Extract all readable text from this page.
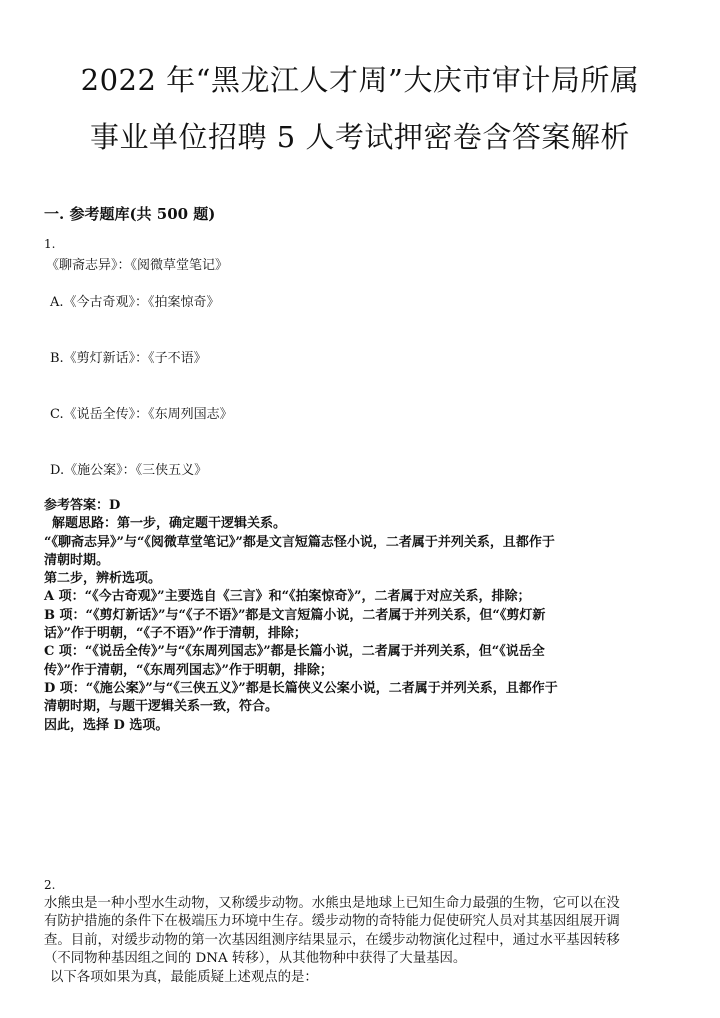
2022 年“黑龙江人才周”大庆市审计局所属
事业单位招聘 5 人考试押密卷含答案解析
一. 参考题库(共 500 题)
1.
《聊斋志异》：《阅微草堂笔记》
A.《今古奇观》：《拍案惊奇》
B.《剪灯新话》：《子不语》
C.《说岳全传》：《东周列国志》
D.《施公案》：《三侠五义》
参考答案：D
解题思路：第一步，确定题干逻辑关系。
“《聊斋志异》”与“《阅微草堂笔记》”都是文言短篇志怪小说，二者属于并列关系，且都作于
清朝时期。
第二步，辨析选项。
A 项：“《今古奇观》”主要选自《三言》和“《拍案惊奇》”，二者属于对应关系，排除；
B 项：“《剪灯新话》”与“《子不语》”都是文言短篇小说，二者属于并列关系，但“《剪灯新
话》”作于明朝，“《子不语》”作于清朝，排除；
C 项：“《说岳全传》”与“《东周列国志》”都是长篇小说，二者属于并列关系，但“《说岳全
传》”作于清朝，“《东周列国志》”作于明朝，排除；
D 项：“《施公案》”与“《三侠五义》”都是长篇侠义公案小说，二者属于并列关系，且都作于
清朝时期，与题干逻辑关系一致，符合。
因此，选择 D 选项。
2.
水熊虫是一种小型水生动物，又称缓步动物。水熊虫是地球上已知生命力最强的生物，它可以在没
有防护措施的条件下在极端压力环境中生存。缓步动物的奇特能力促使研究人员对其基因组展开调
查。目前，对缓步动物的第一次基因组测序结果显示，在缓步动物演化过程中，通过水平基因转移
（不同物种基因组之间的 DNA 转移），从其他物种中获得了大量基因。
以下各项如果为真，最能质疑上述观点的是：
